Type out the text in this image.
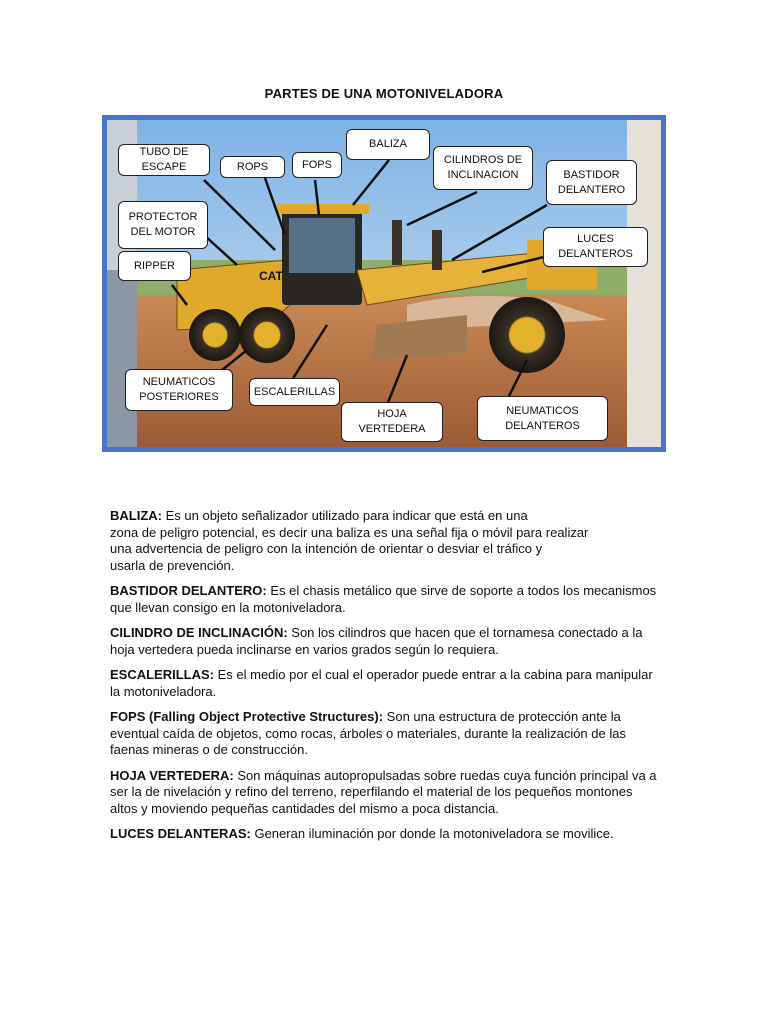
PARTES DE UNA MOTONIVELADORA
CAT
TUBO DE
ESCAPE	ROPS	FOPS
BALIZA
CILINDROS DE
INCLINACION	BASTIDOR
DELANTERO
PROTECTOR
DEL MOTOR
RIPPER
LUCES
DELANTEROS
NEUMATICOS
POSTERIORES	ESCALERILLAS
HOJA
VERTEDERA
NEUMATICOS
DELANTEROS

BALIZA: Es un objeto señalizador utilizado para indicar que está en una
zona de peligro potencial, es decir una baliza es una señal fija o móvil para realizar
una advertencia de peligro con la intención de orientar o desviar el tráfico y
usarla de prevención.

BASTIDOR DELANTERO: Es el chasis metálico que sirve de soporte a todos los mecanismos que llevan consigo en la motoniveladora.

CILINDRO DE INCLINACIÓN: Son los cilindros que hacen que el tornamesa conectado a la hoja vertedera pueda inclinarse en varios grados según lo requiera.

ESCALERILLAS: Es el medio por el cual el operador puede entrar a la cabina para manipular la motoniveladora.

FOPS (Falling Object Protective Structures): Son una estructura de protección ante la eventual caída de objetos, como rocas, árboles o materiales, durante la realización de las faenas mineras o de construcción.

HOJA VERTEDERA: Son máquinas autopropulsadas sobre ruedas cuya función principal va a ser la de nivelación y refino del terreno, reperfilando el material de los pequeños montones altos y moviendo pequeñas cantidades del mismo a poca distancia.

LUCES DELANTERAS: Generan iluminación por donde la motoniveladora se movilice.
